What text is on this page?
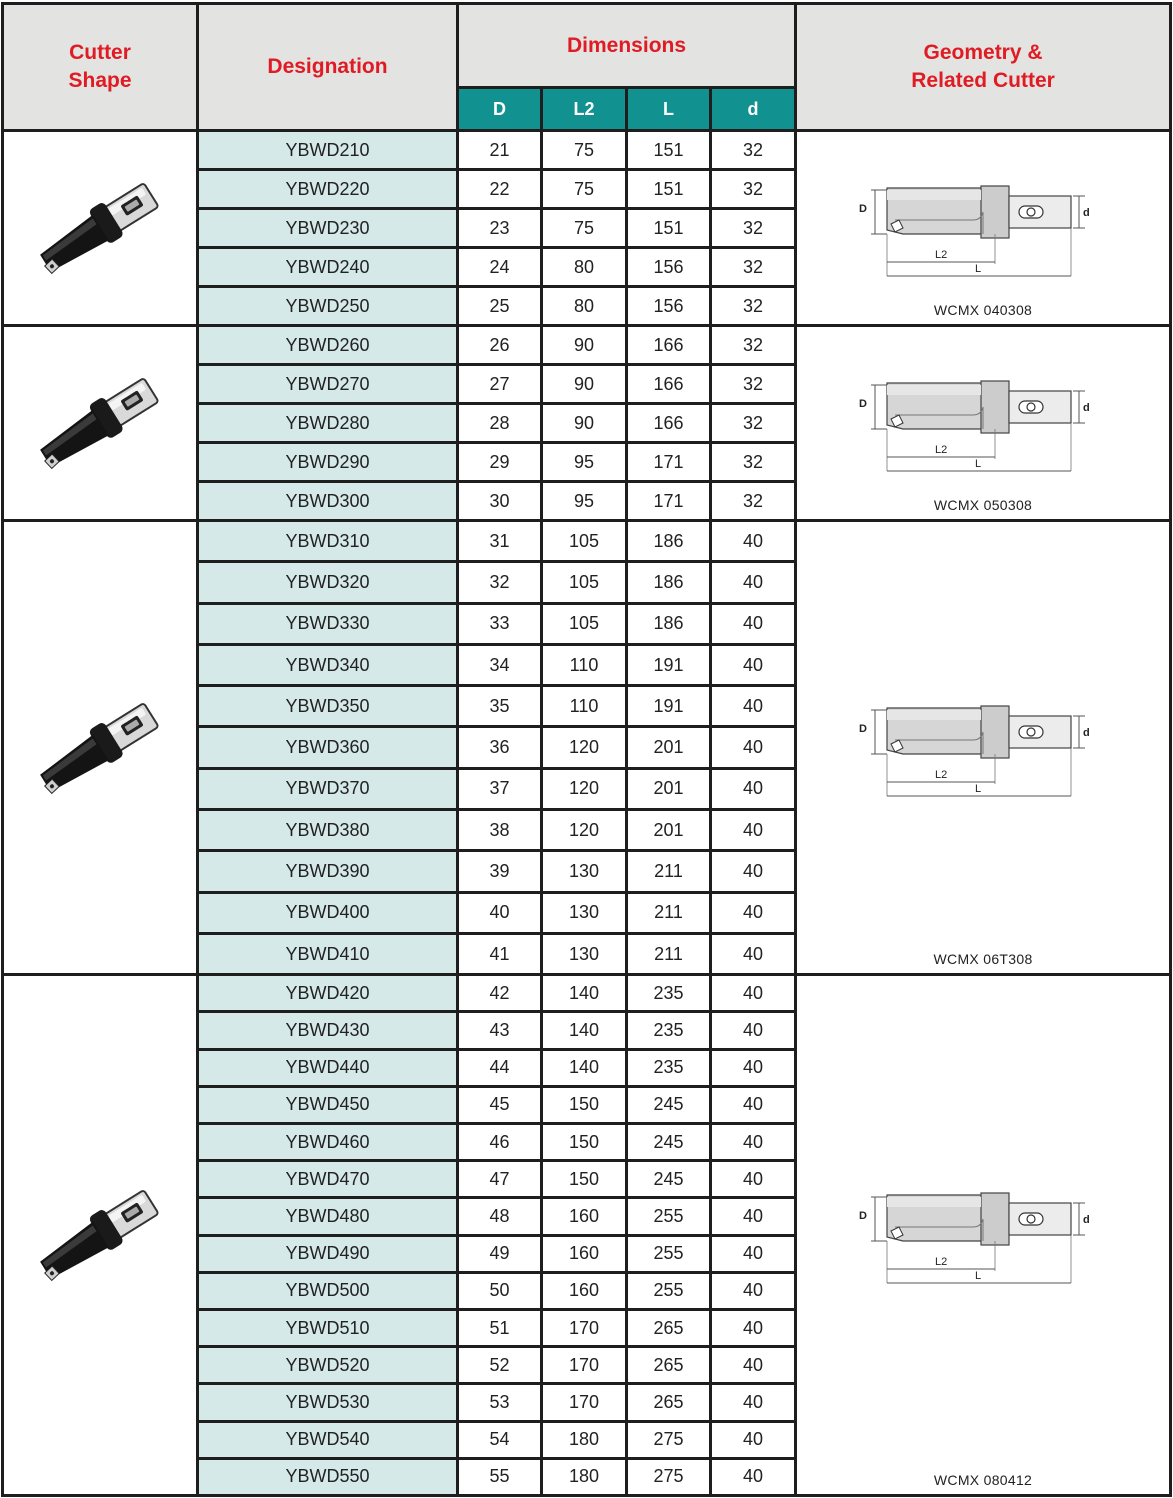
Cutter
Shape	Designation	Dimensions				Geometry &
Related Cutter

		D	L2	L	d	

	YBWD210	21	75	151	32	D d
L2
L
WCMX 040308

	YBWD220	22	75	151	32	
	YBWD230	23	75	151	32	
	YBWD240	24	80	156	32	
	YBWD250	25	80	156	32	

	YBWD260	26	90	166	32	D d
L2
L
WCMX 050308

	YBWD270	27	90	166	32	
	YBWD280	28	90	166	32	
	YBWD290	29	95	171	32	
	YBWD300	30	95	171	32	

	YBWD310	31	105	186	40	D d
L2
L
WCMX 06T308

	YBWD320	32	105	186	40	
	YBWD330	33	105	186	40	
	YBWD340	34	110	191	40	
	YBWD350	35	110	191	40	
	YBWD360	36	120	201	40	
	YBWD370	37	120	201	40	
	YBWD380	38	120	201	40	
	YBWD390	39	130	211	40	
	YBWD400	40	130	211	40	
	YBWD410	41	130	211	40	

	YBWD420	42	140	235	40	D d
L2
L
WCMX 080412

	YBWD430	43	140	235	40	
	YBWD440	44	140	235	40	
	YBWD450	45	150	245	40	
	YBWD460	46	150	245	40	
	YBWD470	47	150	245	40	
	YBWD480	48	160	255	40	
	YBWD490	49	160	255	40	
	YBWD500	50	160	255	40	
	YBWD510	51	170	265	40	
	YBWD520	52	170	265	40	
	YBWD530	53	170	265	40	
	YBWD540	54	180	275	40	
	YBWD550	55	180	275	40	
